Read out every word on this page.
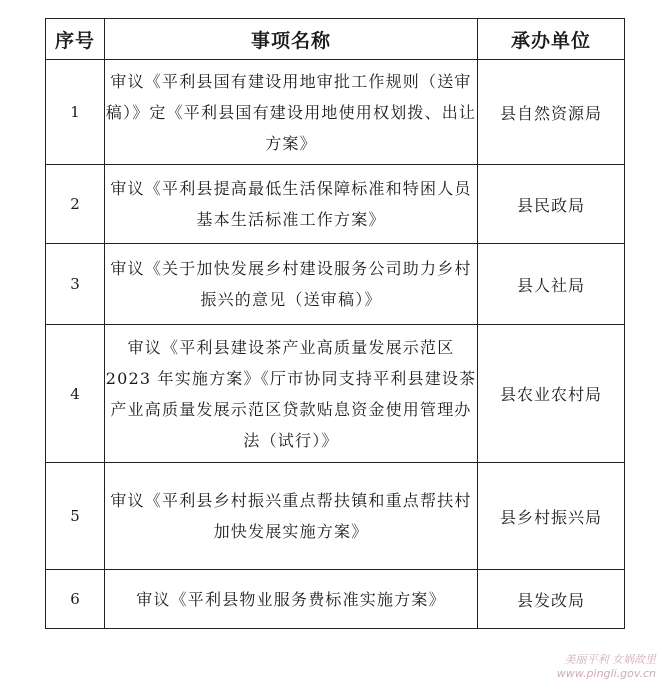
序号	事项名称	承办单位
1	审议《平利县国有建设用地审批工作规则（送审稿）》定《平利县国有建设用地使用权划拨、出让方案》	县自然资源局
2	审议《平利县提高最低生活保障标准和特困人员基本生活标准工作方案》	县民政局
3	审议《关于加快发展乡村建设服务公司助力乡村振兴的意见（送审稿）》	县人社局
4	审议《平利县建设茶产业高质量发展示范区2023 年实施方案》《厅市协同支持平利县建设茶产业高质量发展示范区贷款贴息资金使用管理办法（试行）》	县农业农村局
5	审议《平利县乡村振兴重点帮扶镇和重点帮扶村加快发展实施方案》	县乡村振兴局
6	审议《平利县物业服务费标准实施方案》	县发改局
美丽平利 女娲故里
www.pingli.gov.cn
